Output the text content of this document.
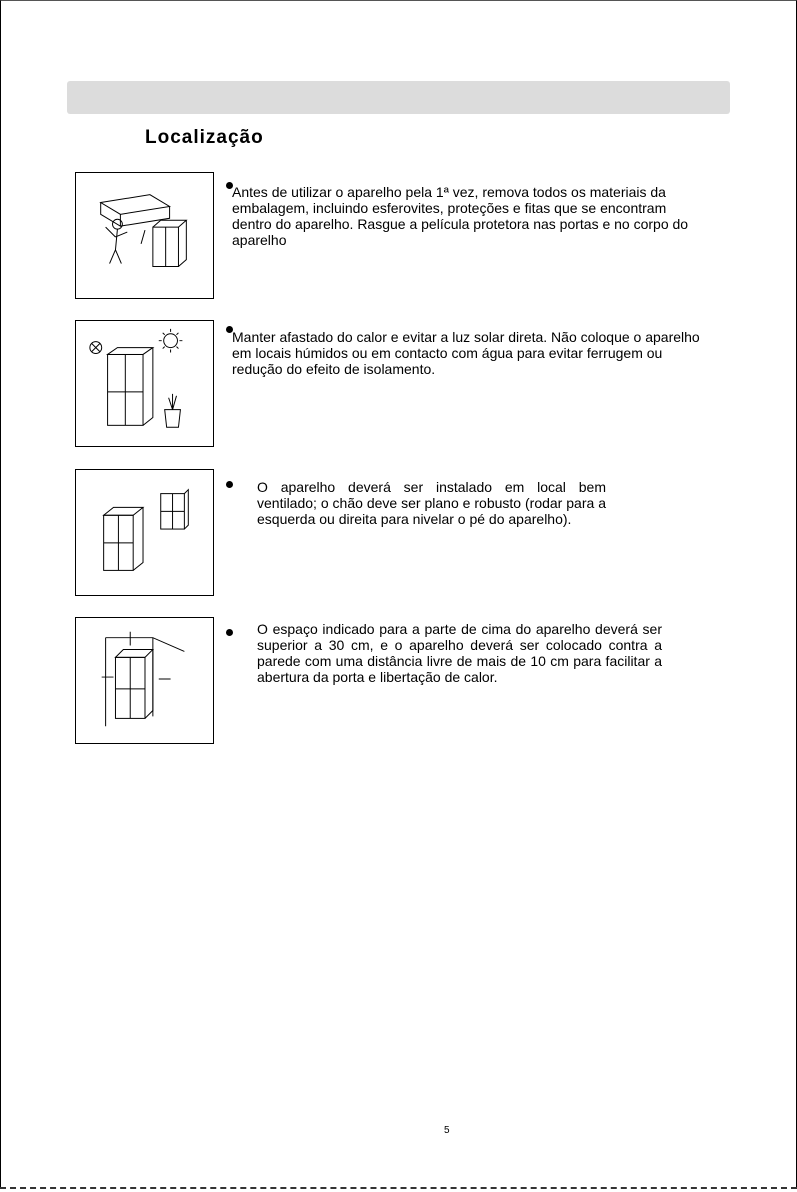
Localização

Antes de utilizar o aparelho pela 1ª vez, remova todos os materiais da embalagem, incluindo esferovites, proteções e fitas que se encontram dentro do aparelho. Rasgue a película protetora nas portas e no corpo do aparelho

Manter afastado do calor e evitar a luz solar direta. Não coloque o aparelho em locais húmidos ou em contacto com água para evitar ferrugem ou redução do efeito de isolamento.

O aparelho deverá ser instalado em local bem ventilado; o chão deve ser plano e robusto (rodar para a esquerda ou direita para nivelar o pé do aparelho).

O espaço indicado para a parte de cima do aparelho deverá ser superior a 30 cm, e o aparelho deverá ser colocado contra a parede com uma distância livre de mais de 10 cm para facilitar a abertura da porta e libertação de calor.

5
